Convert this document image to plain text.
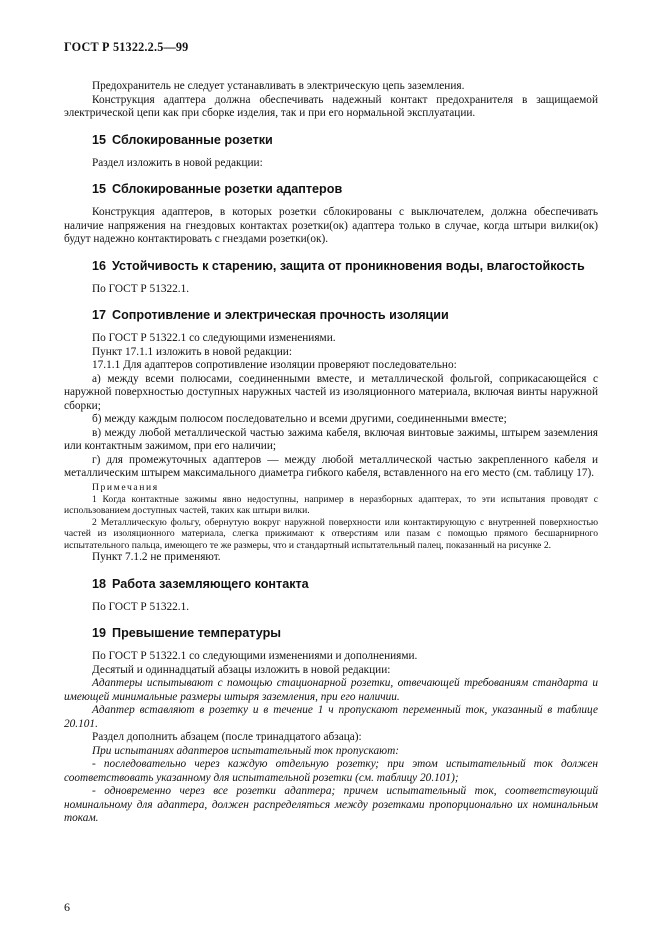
ГОСТ Р 51322.2.5—99

Предохранитель не следует устанавливать в электрическую цепь заземления.

Конструкция адаптера должна обеспечивать надежный контакт предохранителя в защищаемой электрической цепи как при сборке изделия, так и при его нормальной эксплуатации.

15 Сблокированные розетки

Раздел изложить в новой редакции:

15 Сблокированные розетки адаптеров

Конструкция адаптеров, в которых розетки сблокированы с выключателем, должна обеспечивать наличие напряжения на гнездовых контактах розетки(ок) адаптера только в случае, когда штыри вилки(ок) будут надежно контактировать с гнездами розетки(ок).

16 Устойчивость к старению, защита от проникновения воды, влагостойкость

По ГОСТ Р 51322.1.

17 Сопротивление и электрическая прочность изоляции

По ГОСТ Р 51322.1 со следующими изменениями.

Пункт 17.1.1 изложить в новой редакции:

17.1.1 Для адаптеров сопротивление изоляции проверяют последовательно:

а) между всеми полюсами, соединенными вместе, и металлической фольгой, соприкасающейся с наружной поверхностью доступных наружных частей из изоляционного материала, включая винты наружной сборки;

б) между каждым полюсом последовательно и всеми другими, соединенными вместе;

в) между любой металлической частью зажима кабеля, включая винтовые зажимы, штырем заземления или контактным зажимом, при его наличии;

г) для промежуточных адаптеров — между любой металлической частью закрепленного кабеля и металлическим штырем максимального диаметра гибкого кабеля, вставленного на его место (см. таблицу 17).

Примечания

1 Когда контактные зажимы явно недоступны, например в неразборных адаптерах, то эти испытания проводят с использованием доступных частей, таких как штыри вилки.

2 Металлическую фольгу, обернутую вокруг наружной поверхности или контактирующую с внутренней поверхностью частей из изоляционного материала, слегка прижимают к отверстиям или пазам с помощью прямого бесшарнирного испытательного пальца, имеющего те же размеры, что и стандартный испытательный палец, показанный на рисунке 2.

Пункт 7.1.2 не применяют.

18 Работа заземляющего контакта

По ГОСТ Р 51322.1.

19 Превышение температуры

По ГОСТ Р 51322.1 со следующими изменениями и дополнениями.

Десятый и одиннадцатый абзацы изложить в новой редакции:

Адаптеры испытывают с помощью стационарной розетки, отвечающей требованиям стандарта и имеющей минимальные размеры штыря заземления, при его наличии.

Адаптер вставляют в розетку и в течение 1 ч пропускают переменный ток, указанный в таблице 20.101.

Раздел дополнить абзацем (после тринадцатого абзаца):

При испытаниях адаптеров испытательный ток пропускают:

- последовательно через каждую отдельную розетку; при этом испытательный ток должен соответствовать указанному для испытательной розетки (см. таблицу 20.101);

- одновременно через все розетки адаптера; причем испытательный ток, соответствующий номинальному для адаптера, должен распределяться между розетками пропорционально их номинальным токам.

6
